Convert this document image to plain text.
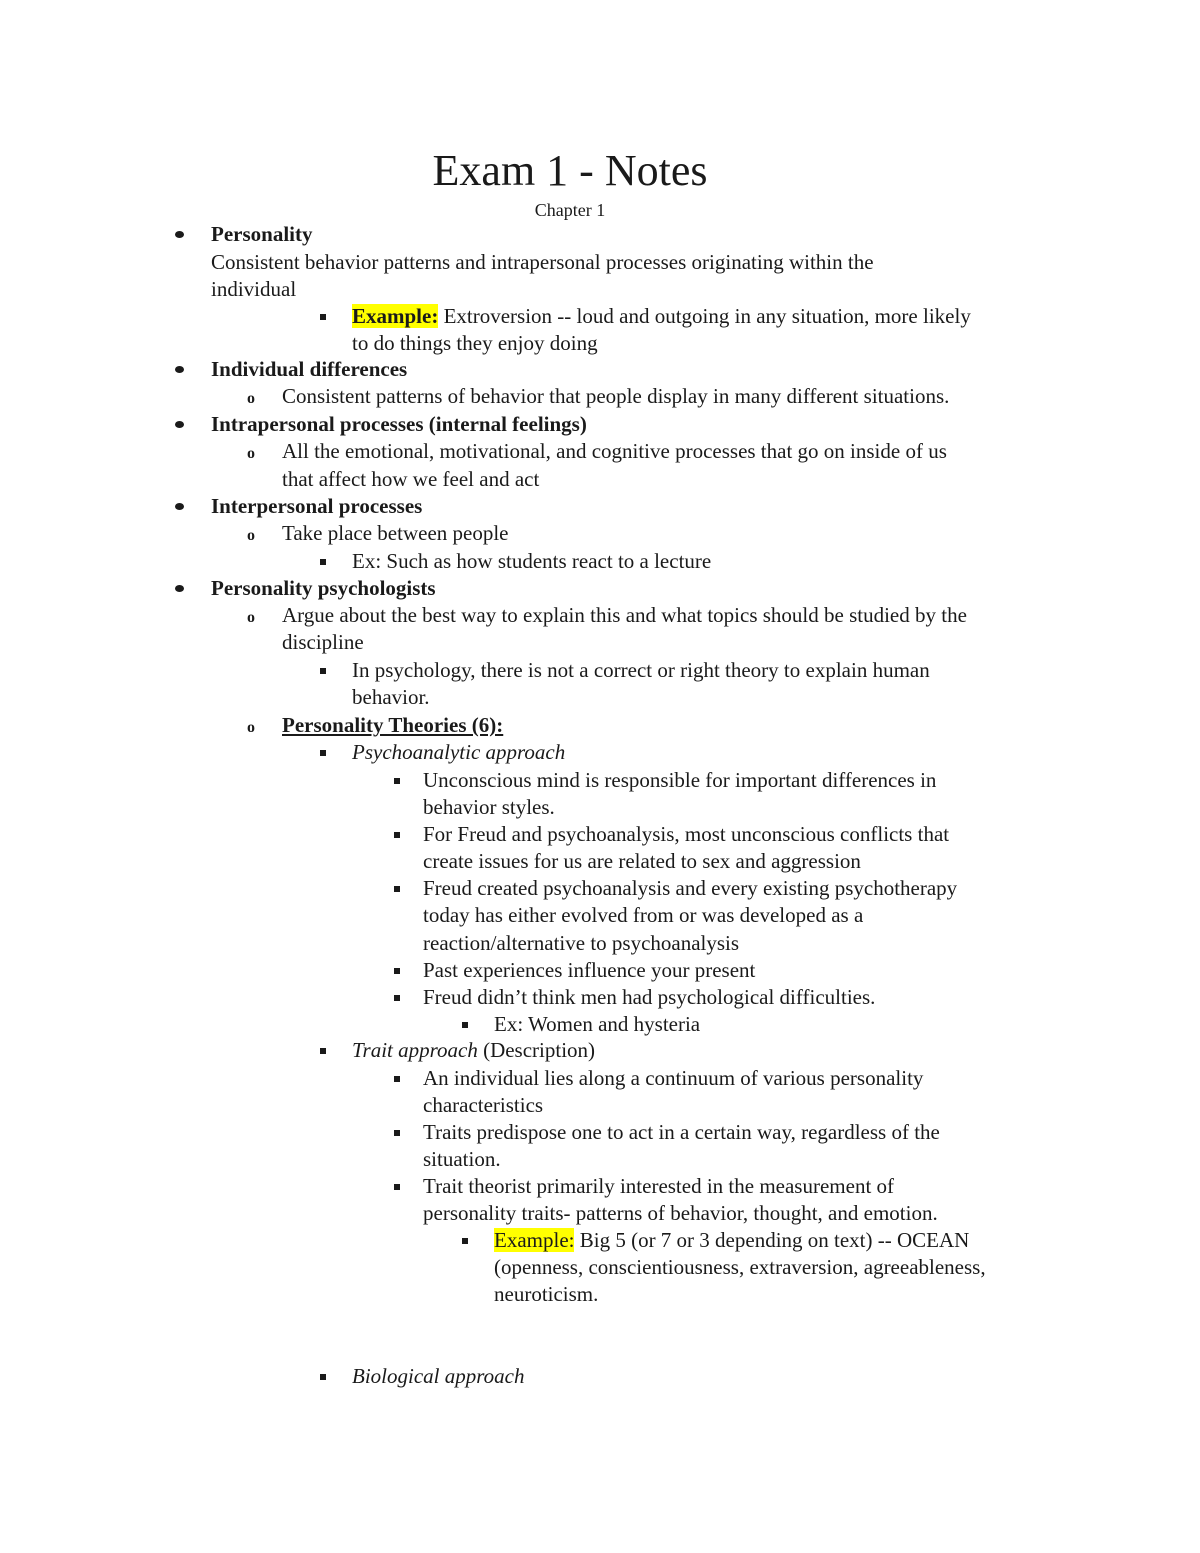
Exam 1 - Notes
Chapter 1
Personality
Consistent behavior patterns and intrapersonal processes originating within the
individual
Example: Extroversion -- loud and outgoing in any situation, more likely
to do things they enjoy doing
Individual differences
o Consistent patterns of behavior that people display in many different situations.
Intrapersonal processes (internal feelings)
o All the emotional, motivational, and cognitive processes that go on inside of us
that affect how we feel and act
Interpersonal processes
o Take place between people
Ex: Such as how students react to a lecture
Personality psychologists
o Argue about the best way to explain this and what topics should be studied by the
discipline
In psychology, there is not a correct or right theory to explain human
behavior.
o Personality Theories (6):
Psychoanalytic approach
Unconscious mind is responsible for important differences in
behavior styles.
For Freud and psychoanalysis, most unconscious conflicts that
create issues for us are related to sex and aggression
Freud created psychoanalysis and every existing psychotherapy
today has either evolved from or was developed as a
reaction/alternative to psychoanalysis
Past experiences influence your present
Freud didn’t think men had psychological difficulties.
Ex: Women and hysteria
Trait approach (Description)
An individual lies along a continuum of various personality
characteristics
Traits predispose one to act in a certain way, regardless of the
situation.
Trait theorist primarily interested in the measurement of
personality traits- patterns of behavior, thought, and emotion.
Example: Big 5 (or 7 or 3 depending on text) -- OCEAN
(openness, conscientiousness, extraversion, agreeableness,
neuroticism.
Biological approach
